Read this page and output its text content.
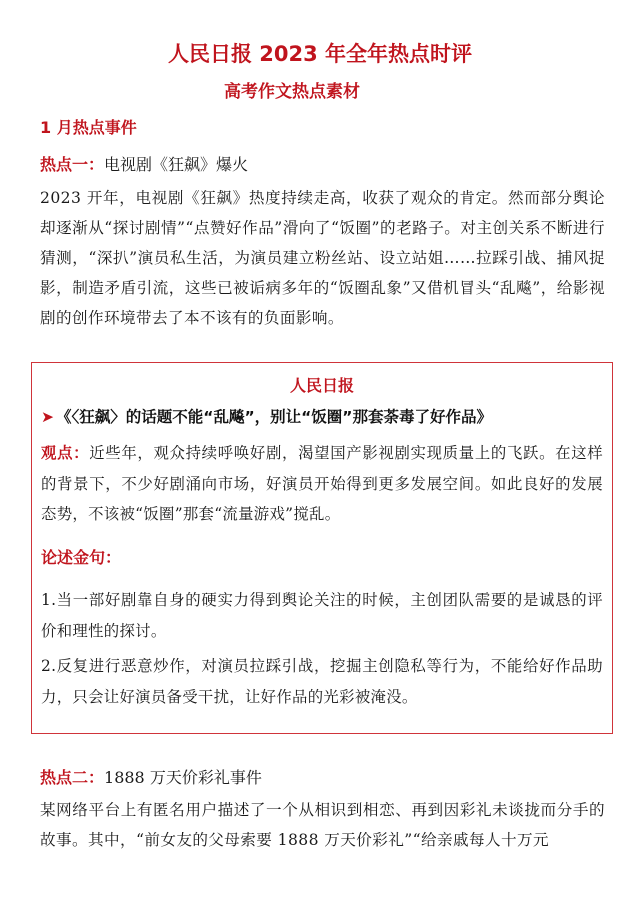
人民日报 2023 年全年热点时评
高考作文热点素材
1 月热点事件
热点一：电视剧《狂飙》爆火
2023 开年，电视剧《狂飙》热度持续走高，收获了观众的肯定。然而部分舆论却逐渐从“探讨剧情”“点赞好作品”滑向了“饭圈”的老路子。对主创关系不断进行猜测，“深扒”演员私生活，为演员建立粉丝站、设立站姐……拉踩引战、捕风捉影，制造矛盾引流，这些已被诟病多年的“饭圈乱象”又借机冒头“乱飚”，给影视剧的创作环境带去了本不该有的负面影响。
人民日报
➤ 《〈狂飙〉的话题不能“乱飚”，别让“饭圈”那套荼毒了好作品》
观点：近些年，观众持续呼唤好剧，渴望国产影视剧实现质量上的飞跃。在这样的背景下，不少好剧涌向市场，好演员开始得到更多发展空间。如此良好的发展态势，不该被“饭圈”那套“流量游戏”搅乱。
论述金句：
1.当一部好剧靠自身的硬实力得到舆论关注的时候，主创团队需要的是诚恳的评价和理性的探讨。
2.反复进行恶意炒作，对演员拉踩引战，挖掘主创隐私等行为，不能给好作品助力，只会让好演员备受干扰，让好作品的光彩被淹没。
热点二：1888 万天价彩礼事件
某网络平台上有匿名用户描述了一个从相识到相恋、再到因彩礼未谈拢而分手的故事。其中，“前女友的父母索要 1888 万天价彩礼”“给亲戚每人十万元
